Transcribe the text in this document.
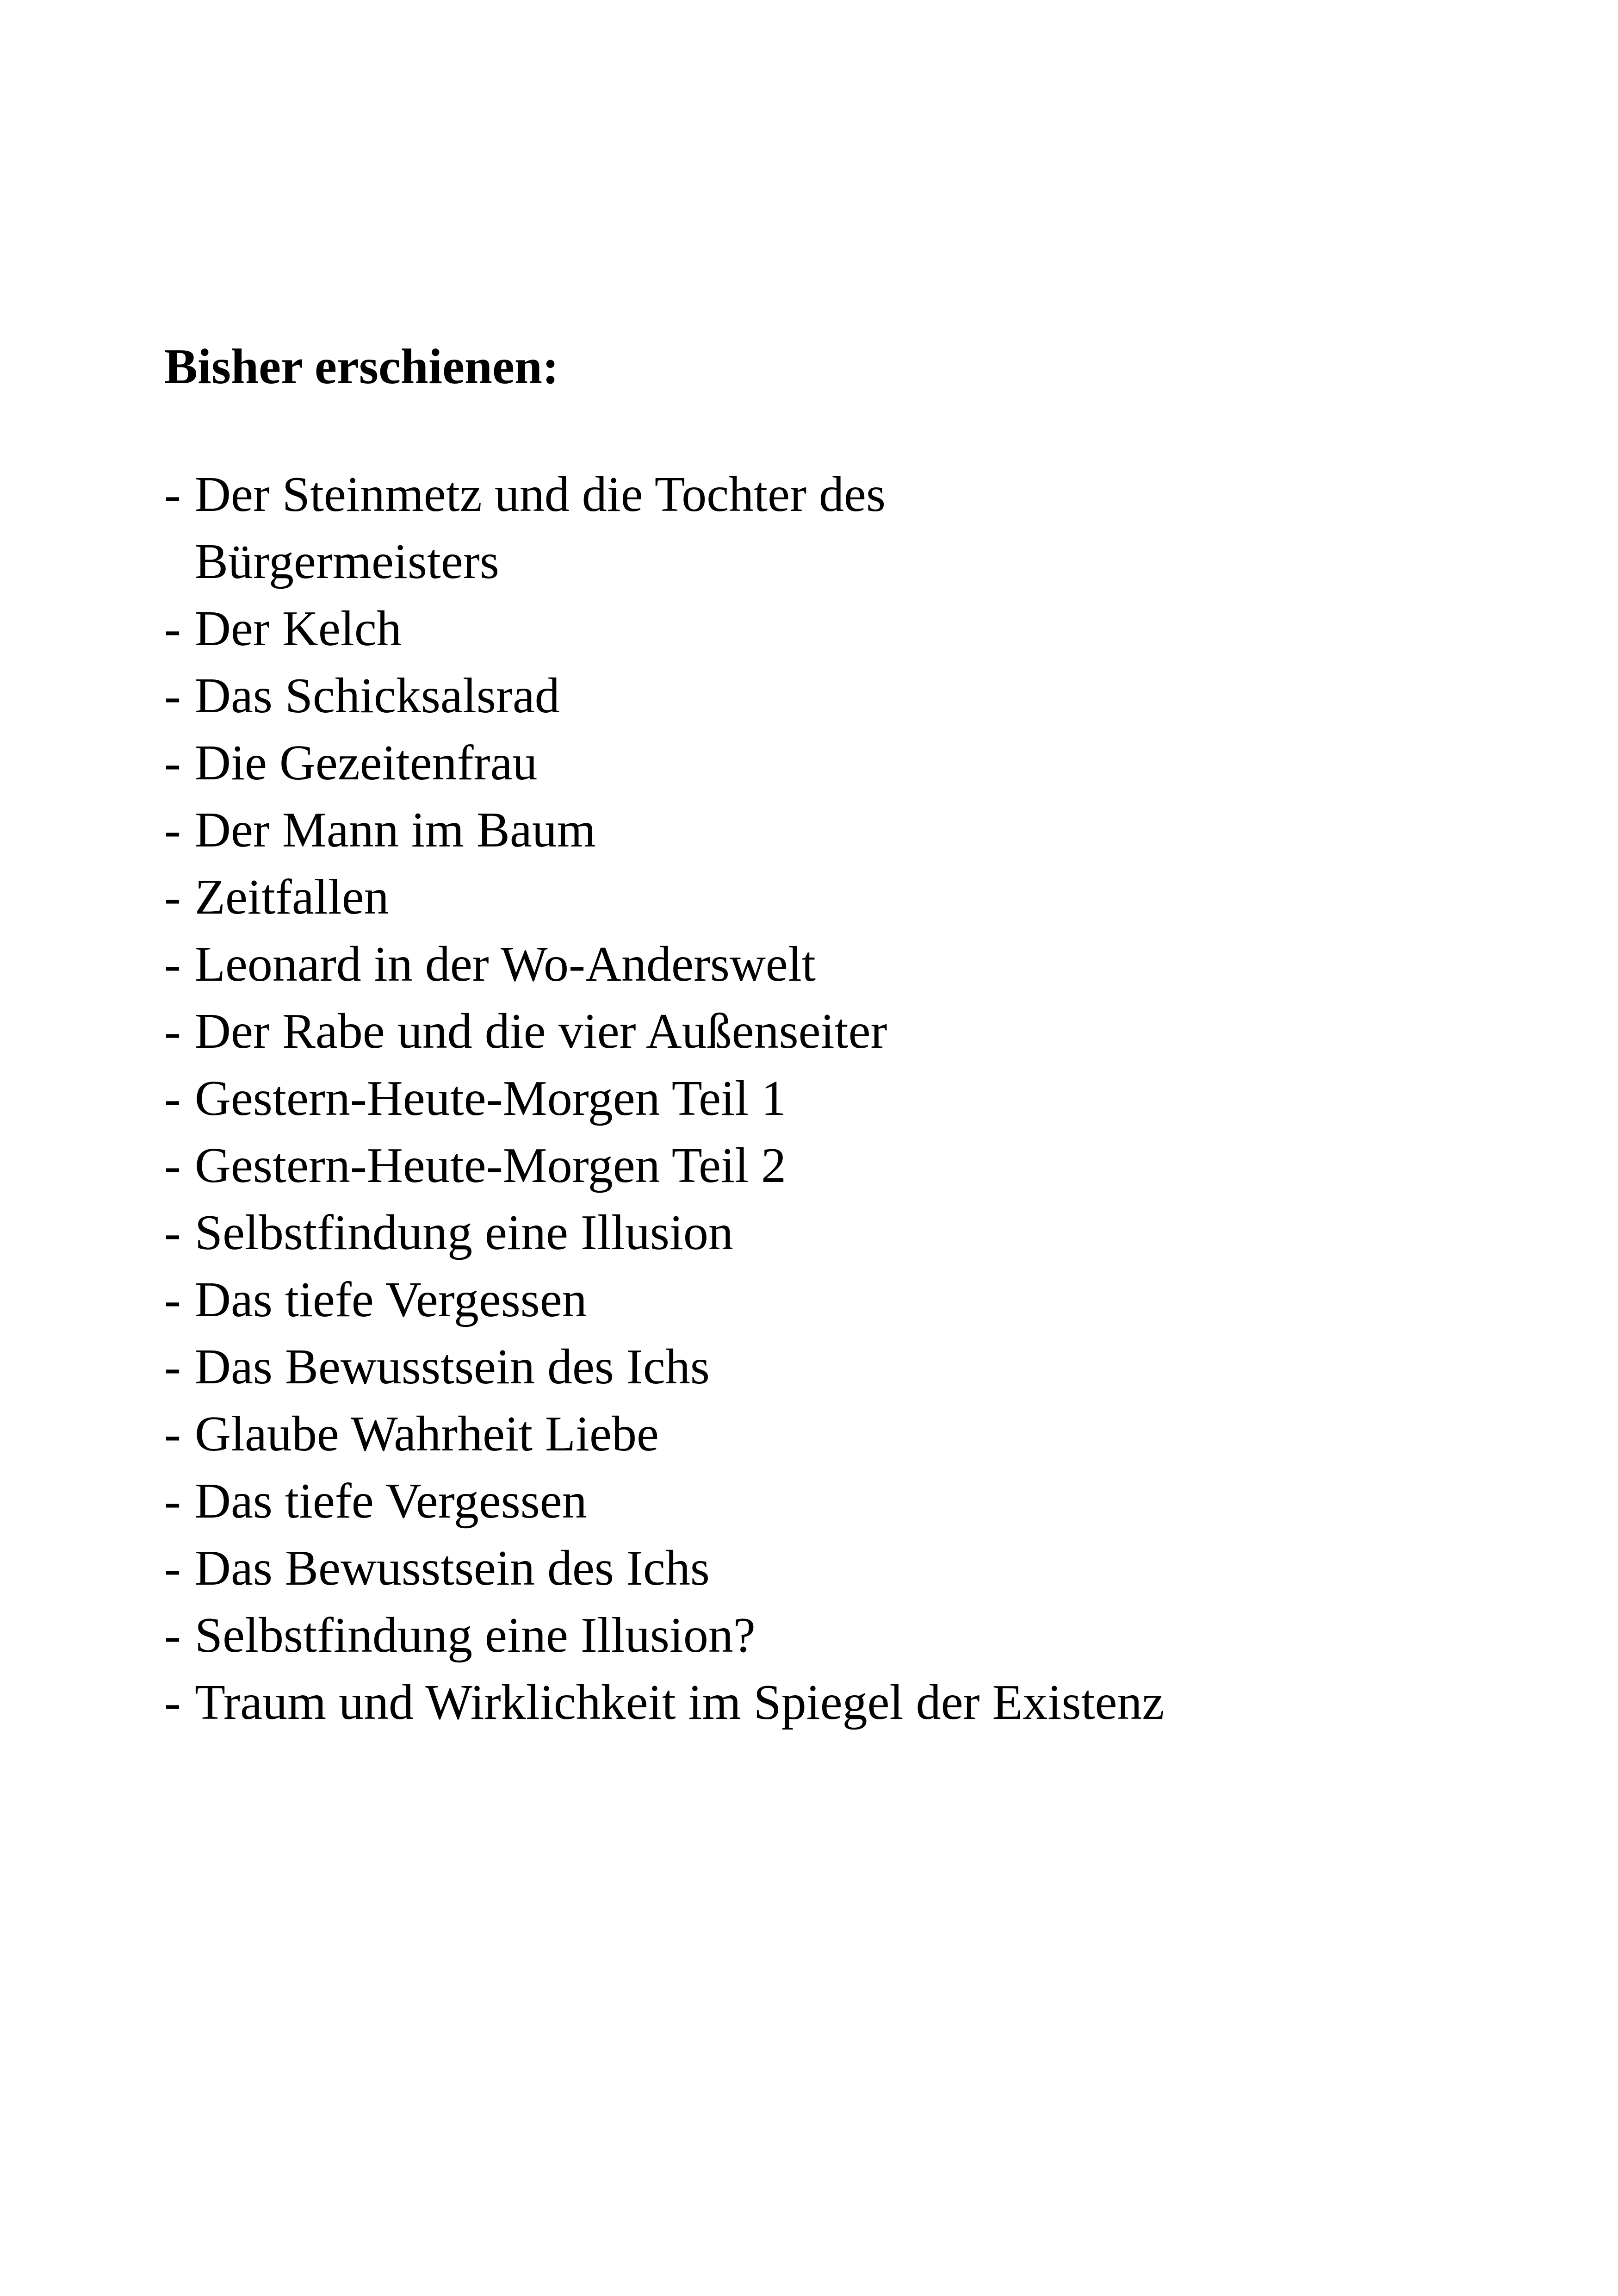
Bisher erschienen:
- Der Steinmetz und die Tochter des
Bürgermeisters
- Der Kelch
- Das Schicksalsrad
- Die Gezeitenfrau
- Der Mann im Baum
- Zeitfallen
- Leonard in der Wo-Anderswelt
- Der Rabe und die vier Außenseiter
- Gestern-Heute-Morgen Teil 1
- Gestern-Heute-Morgen Teil 2
- Selbstfindung eine Illusion
- Das tiefe Vergessen
- Das Bewusstsein des Ichs
- Glaube Wahrheit Liebe
- Das tiefe Vergessen
- Das Bewusstsein des Ichs
- Selbstfindung eine Illusion?
- Traum und Wirklichkeit im Spiegel der Existenz
